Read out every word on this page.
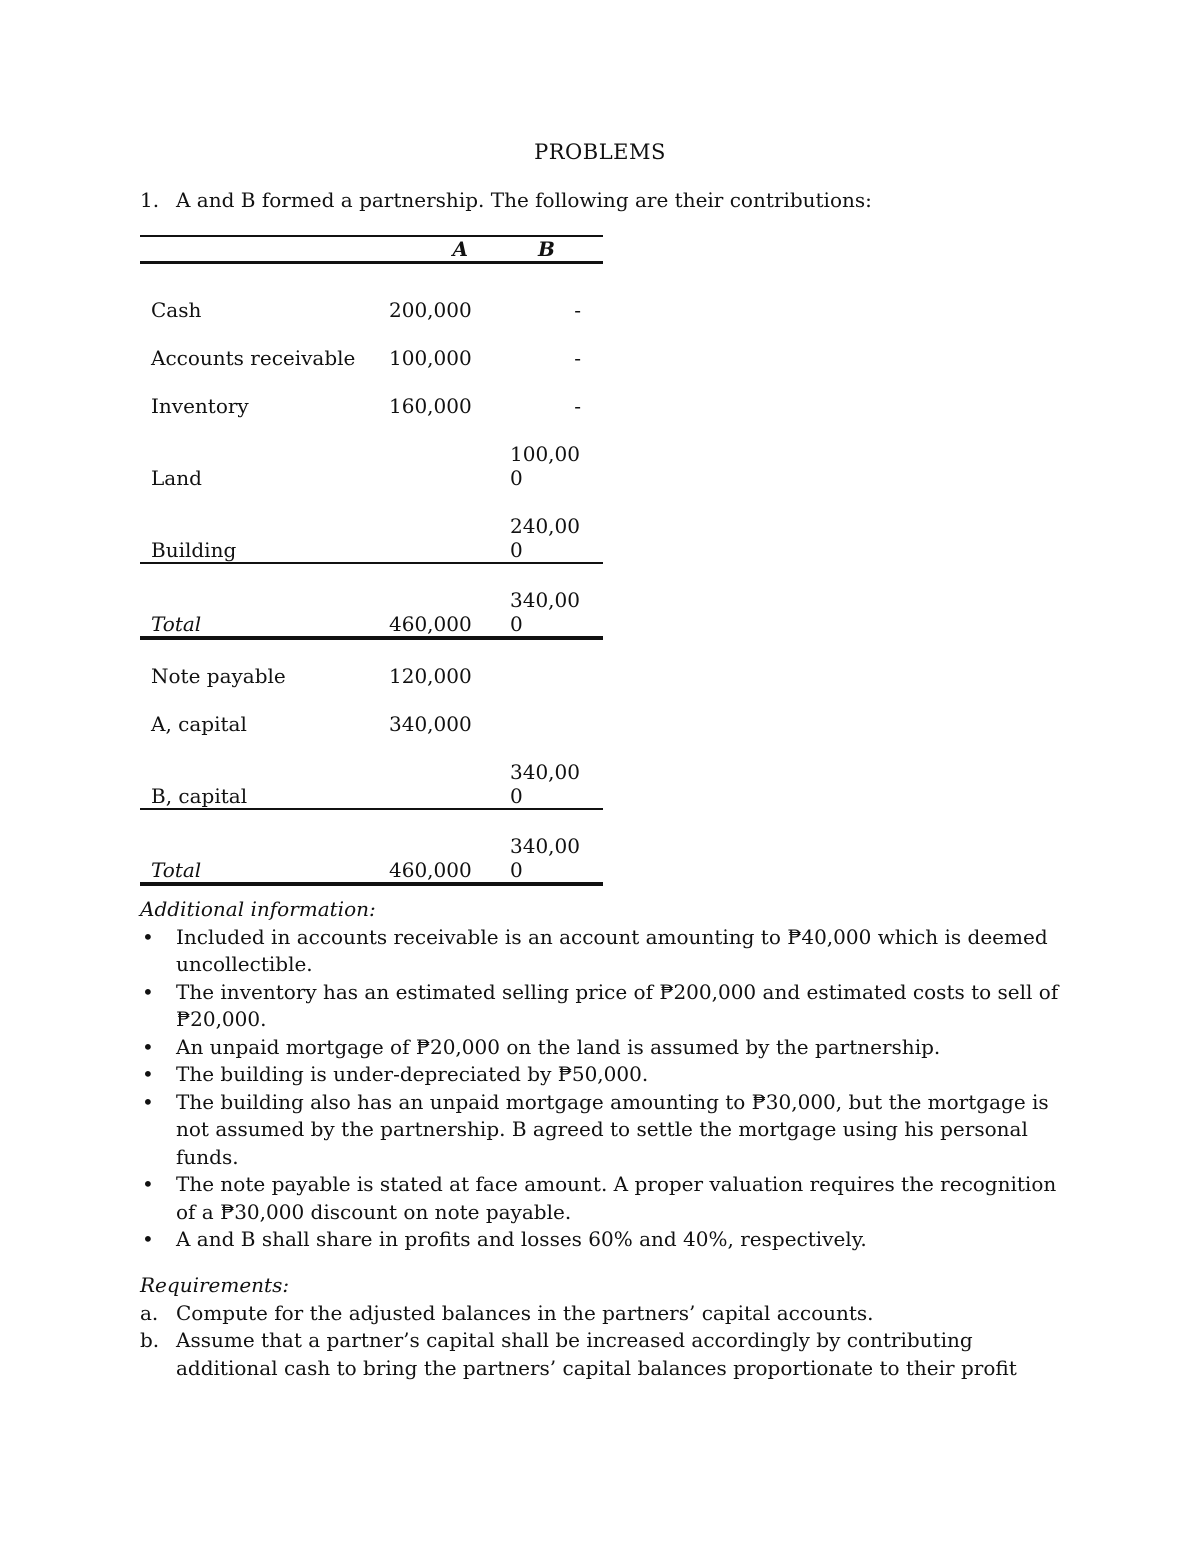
PROBLEMS
1. A and B formed a partnership. The following are their contributions:
	A	B
Cash	200,000	-
Accounts receivable	100,000	-
Inventory	160,000	-
Land		100,000
Building		240,000
Total	460,000	340,000
Note payable	120,000	
A, capital	340,000	
B, capital		340,000
Total	460,000	340,000
Additional information:
• Included in accounts receivable is an account amounting to ₱40,000 which is deemed uncollectible.
• The inventory has an estimated selling price of ₱200,000 and estimated costs to sell of ₱20,000.
• An unpaid mortgage of ₱20,000 on the land is assumed by the partnership.
• The building is under-depreciated by ₱50,000.
• The building also has an unpaid mortgage amounting to ₱30,000, but the mortgage is not assumed by the partnership. B agreed to settle the mortgage using his personal funds.
• The note payable is stated at face amount. A proper valuation requires the recognition of a ₱30,000 discount on note payable.
• A and B shall share in profits and losses 60% and 40%, respectively.
Requirements:
a. Compute for the adjusted balances in the partners’ capital accounts.
b. Assume that a partner’s capital shall be increased accordingly by contributing additional cash to bring the partners’ capital balances proportionate to their profit
